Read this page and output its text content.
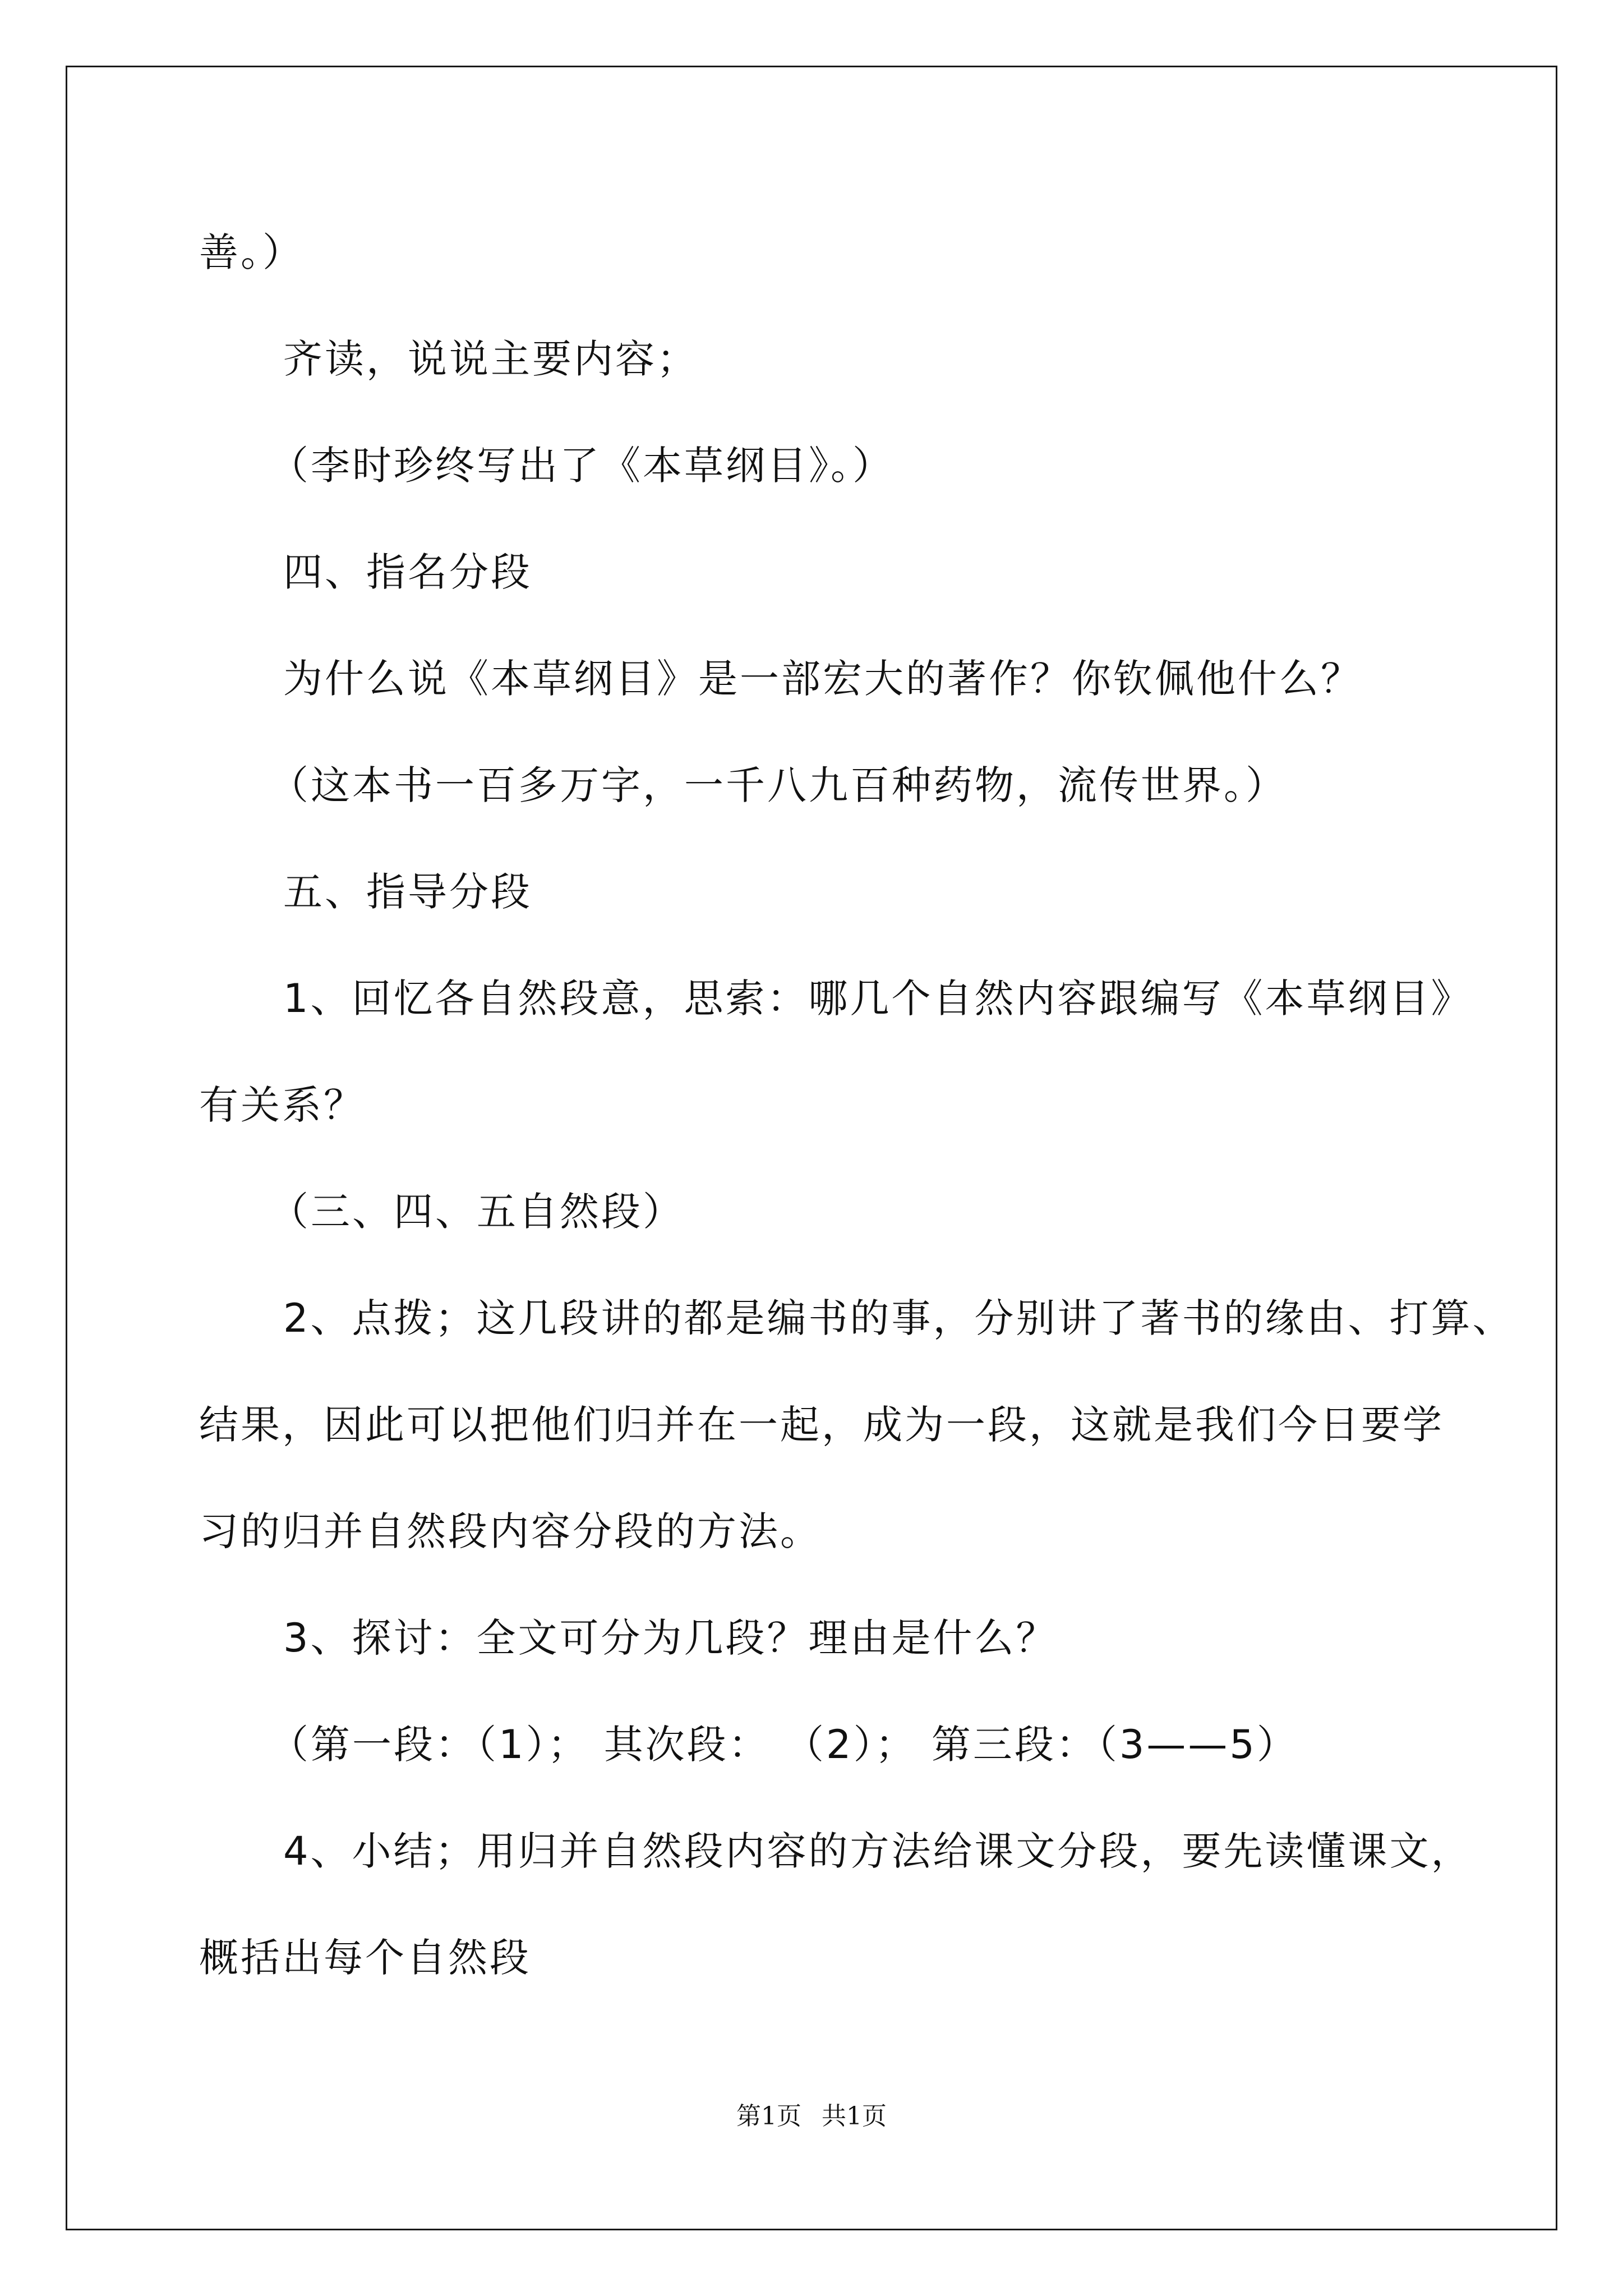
善。）
齐读，说说主要内容；
（李时珍终写出了《本草纲目》。）
四、指名分段
为什么说《本草纲目》是一部宏大的著作？你钦佩他什么？
（这本书一百多万字，一千八九百种药物，流传世界。）
五、指导分段
1、回忆各自然段意，思索：哪几个自然内容跟编写《本草纲目》
有关系？
（三、四、五自然段）
2、点拨；这几段讲的都是编书的事，分别讲了著书的缘由、打算、
结果，因此可以把他们归并在一起，成为一段，这就是我们今日要学
习的归并自然段内容分段的方法。
3、探讨：全文可分为几段？理由是什么？
（第一段：（1）； 其次段： （2）； 第三段：（3——5）
4、小结；用归并自然段内容的方法给课文分段，要先读懂课文，
概括出每个自然段
第1页 共1页
